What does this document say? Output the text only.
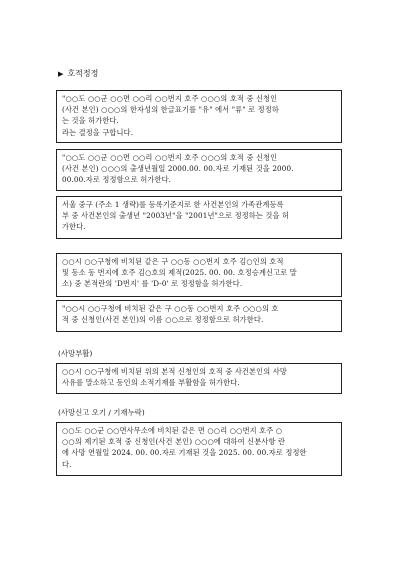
▶ 호적정정
"○○도 ○○군 ○○면 ○○리 ○○번지 호주 ○○○의 호적 중 신청인
(사건 본인) ○○○의 한자성의 한글표기를 "유" 에서 "류" 로 정정하
는 것을 허가한다.
라는 결정을 구합니다.
"○○도 ○○군 ○○면 ○○리 ○○번지 호주 ○○○의 호적 중 신청인
(사건 본인) ○○○의 출생년월일 2000.00. 00.자로 기재된 것을 2000.
00.00.자로 정정함으로 허가한다.
서울 중구 (주소 1 생략)를 등록기준지로 한 사건본인의 가족관계등록
부 중 사건본인의 출생년 "2003년"을 "2001년"으로 정정하는 것을 허
가한다.
○○시 ○○구청에 비치된 같은 구 ○○동 ○○번지 호주 김○인의 호적
및 동소 동 번지에 호주 김○호의 제적(2025. 00. 00. 호정승계신고로 말
소) 중 본적란의 'D번지' 를 'D-0' 로 정정함을 허가한다.
"○○시 ○○구청에 비치된 같은 구 ○○동 ○○번지 호주 ○○○의 호
적 중 신청인(사건 본인)의 이름 ○○으로 정정함으로 허가한다.
(사망부활)
○○시 ○○구청에 비치된 위의 본적 신청인의 호적 중 사건본인의 사망
사유를 말소하고 동인의 소적기재를 부활함을 허가한다.
(사망신고 오기 / 기재누락)
○○도 ○○군 ○○면사무소에 비치된 같은 면 ○○리 ○○번지 호주 ○
○○의 제기된 호적 중 신청인(사건 본인) ○○○에 대하여 신분사항 란
에 사망 연월일 2024. 00. 00.자로 기재된 것을 2025. 00. 00.자로 정정한
다.
